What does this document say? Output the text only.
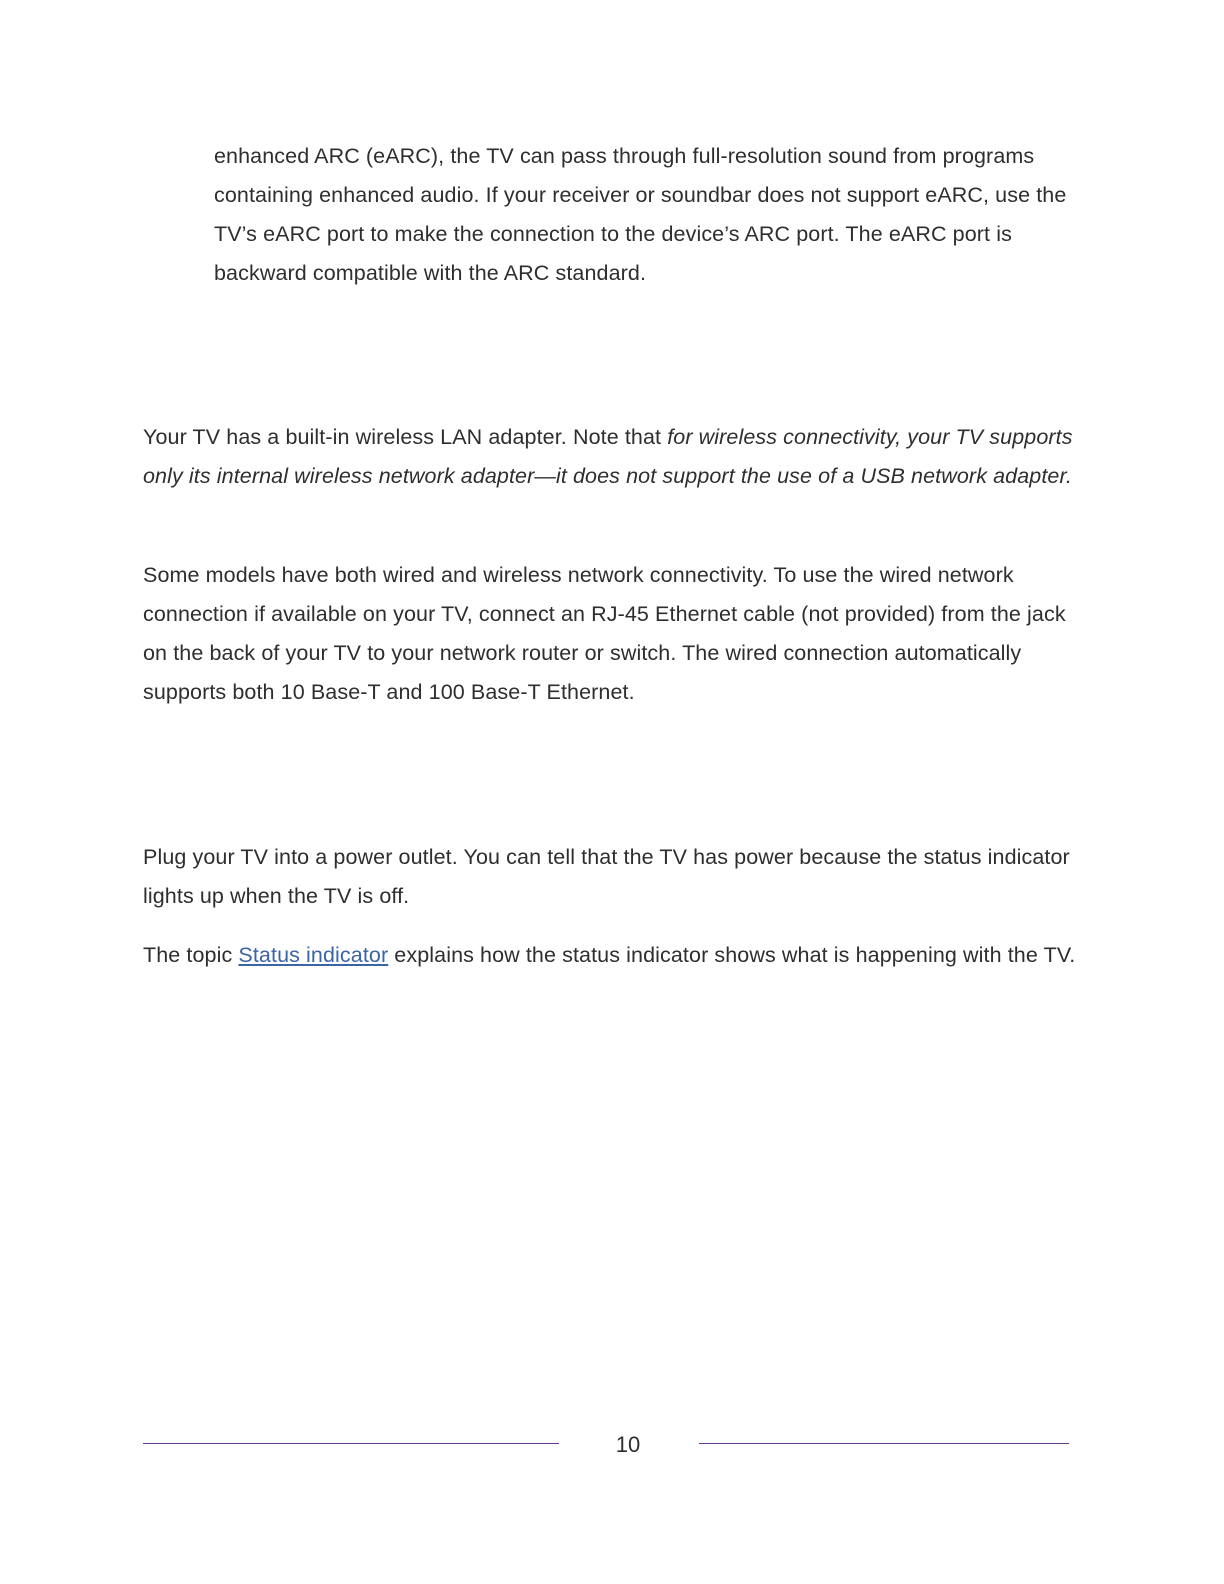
enhanced ARC (eARC), the TV can pass through full-resolution sound from programs containing enhanced audio. If your receiver or soundbar does not support eARC, use the TV’s eARC port to make the connection to the device’s ARC port. The eARC port is backward compatible with the ARC standard.

Your TV has a built-in wireless LAN adapter. Note that for wireless connectivity, your TV supports only its internal wireless network adapter—it does not support the use of a USB network adapter.

Some models have both wired and wireless network connectivity. To use the wired network connection if available on your TV, connect an RJ-45 Ethernet cable (not provided) from the jack on the back of your TV to your network router or switch. The wired connection automatically supports both 10 Base-T and 100 Base-T Ethernet.

Plug your TV into a power outlet. You can tell that the TV has power because the status indicator lights up when the TV is off.

The topic Status indicator explains how the status indicator shows what is happening with the TV.

10
